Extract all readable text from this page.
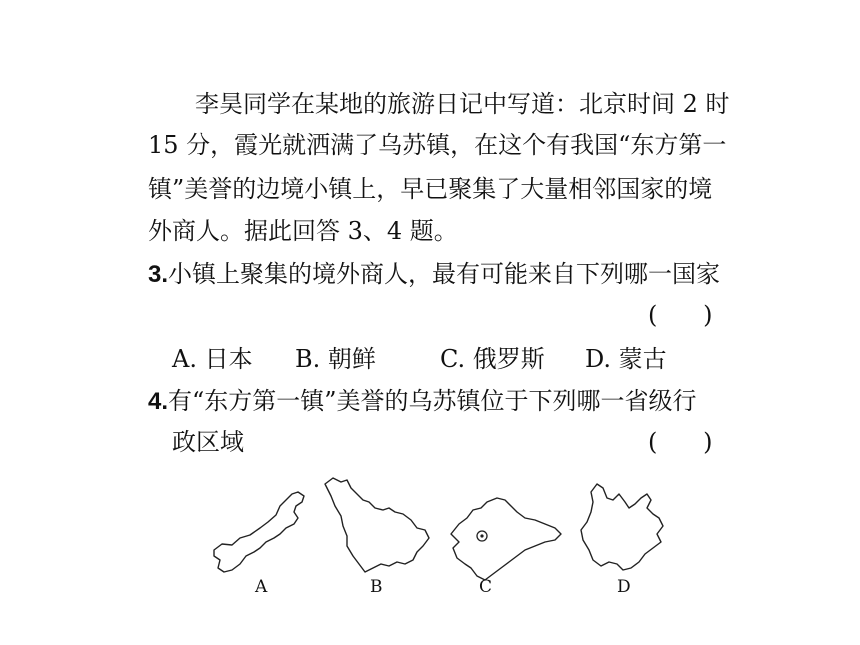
李昊同学在某地的旅游日记中写道：北京时间 2 时
15 分，霞光就洒满了乌苏镇，在这个有我国“东方第一
镇”美誉的边境小镇上，早已聚集了大量相邻国家的境
外商人。据此回答 3、4 题。
3.小镇上聚集的境外商人，最有可能来自下列哪一国家
(      )
A. 日本 B. 朝鲜	C. 俄罗斯 D. 蒙古
4.有“东方第一镇”美誉的乌苏镇位于下列哪一省级行
政区域	(      )
A	B	C	D
